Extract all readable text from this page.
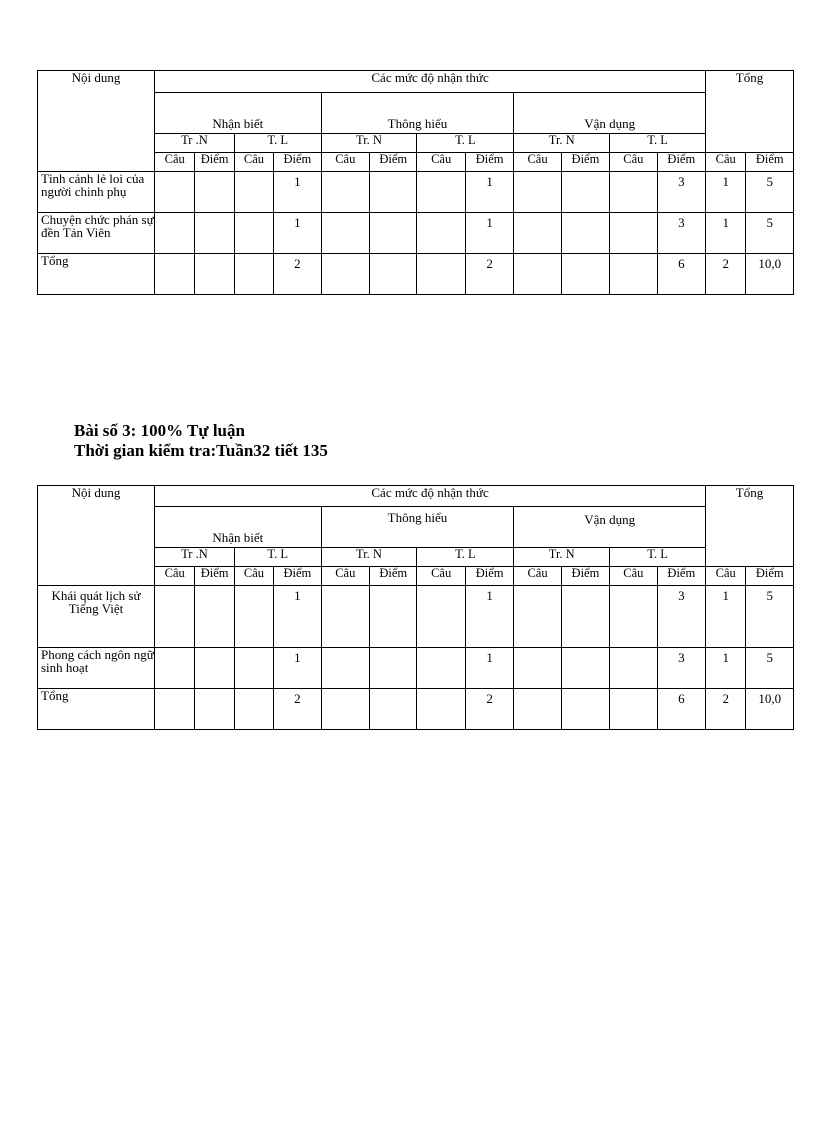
Nội dung	Các mức độ nhận thức												Tổng	
	Nhận biết				Thông hiểu				Vận dụng					
	Tr .N		T. L		Tr. N		T. L		Tr. N		T. L			
	Câu	Điểm	Câu	Điểm	Câu	Điểm	Câu	Điểm	Câu	Điểm	Câu	Điểm	Câu	Điểm
Tình cảnh lẻ loi của người chinh phụ				1				1				3	1	5
Chuyện chức phán sự đền Tản Viên				1				1				3	1	5
Tổng				2				2				6	2	10,0
Bài số 3: 100% Tự luận
Thời gian kiểm tra:Tuần32 tiết 135
Nội dung	Các mức độ nhận thức												Tổng	
	Nhận biết				Thông hiểu				Vận dụng					
	Tr .N		T. L		Tr. N		T. L		Tr. N		T. L			
	Câu	Điểm	Câu	Điểm	Câu	Điểm	Câu	Điểm	Câu	Điểm	Câu	Điểm	Câu	Điểm
Khái quát lịch sử Tiếng Việt				1				1				3	1	5
Phong cách ngôn ngữ sinh hoạt				1				1				3	1	5
Tổng				2				2				6	2	10,0
